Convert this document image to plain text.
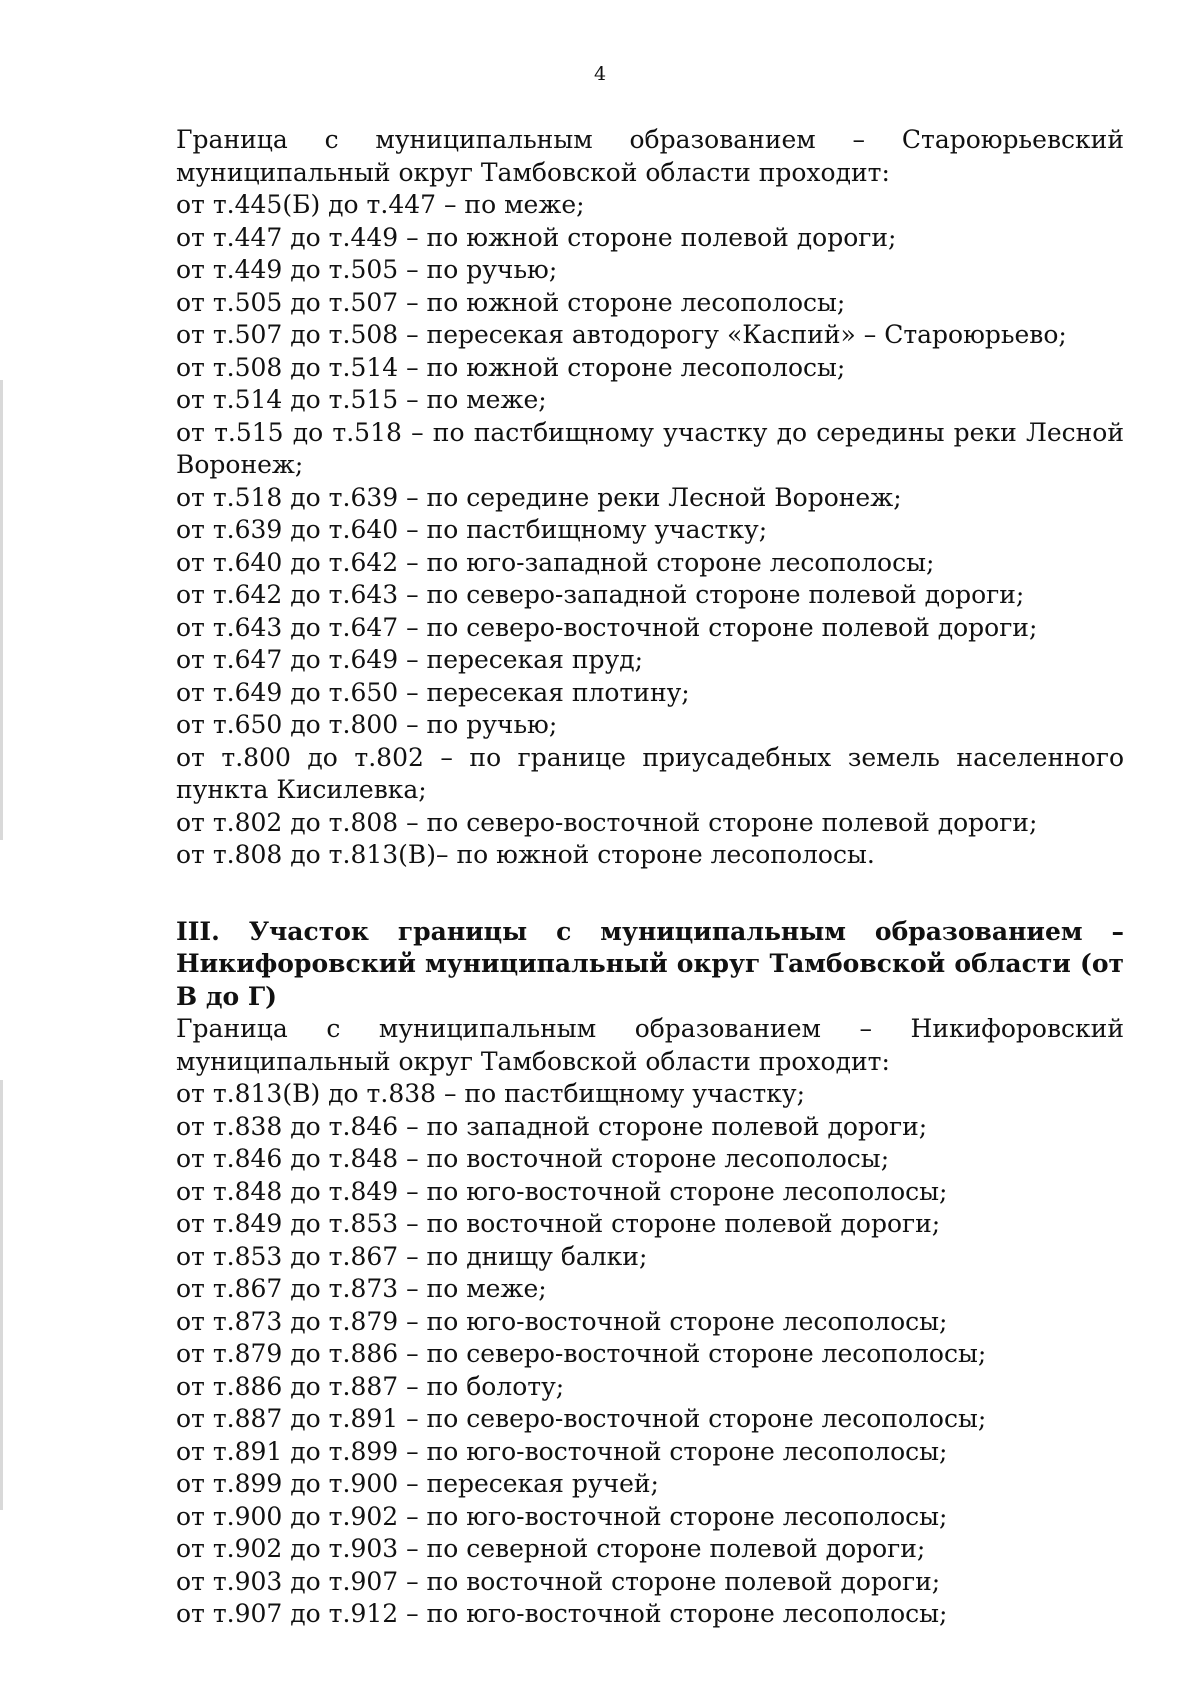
4

Граница с муниципальным образованием – Староюрьевский муниципальный округ Тамбовской области проходит:

от т.445(Б) до т.447 – по меже;

от т.447 до т.449 – по южной стороне полевой дороги;

от т.449 до т.505 – по ручью;

от т.505 до т.507 – по южной стороне лесополосы;

от т.507 до т.508 – пересекая автодорогу «Каспий» – Староюрьево;

от т.508 до т.514 – по южной стороне лесополосы;

от т.514 до т.515 – по меже;

от т.515 до т.518 – по пастбищному участку до середины реки Лесной Воронеж;

от т.518 до т.639 – по середине реки Лесной Воронеж;

от т.639 до т.640 – по пастбищному участку;

от т.640 до т.642 – по юго-западной стороне лесополосы;

от т.642 до т.643 – по северо-западной стороне полевой дороги;

от т.643 до т.647 – по северо-восточной стороне полевой дороги;

от т.647 до т.649 – пересекая пруд;

от т.649 до т.650 – пересекая плотину;

от т.650 до т.800 – по ручью;

от т.800 до т.802 – по границе приусадебных земель населенного пункта Кисилевка;

от т.802 до т.808 – по северо-восточной стороне полевой дороги;

от т.808 до т.813(В)– по южной стороне лесополосы.

III. Участок границы с муниципальным образованием – Никифоровский муниципальный округ Тамбовской области (от В до Г)

Граница с муниципальным образованием – Никифоровский муниципальный округ Тамбовской области проходит:

от т.813(В) до т.838 – по пастбищному участку;

от т.838 до т.846 – по западной стороне полевой дороги;

от т.846 до т.848 – по восточной стороне лесополосы;

от т.848 до т.849 – по юго-восточной стороне лесополосы;

от т.849 до т.853 – по восточной стороне полевой дороги;

от т.853 до т.867 – по днищу балки;

от т.867 до т.873 – по меже;

от т.873 до т.879 – по юго-восточной стороне лесополосы;

от т.879 до т.886 – по северо-восточной стороне лесополосы;

от т.886 до т.887 – по болоту;

от т.887 до т.891 – по северо-восточной стороне лесополосы;

от т.891 до т.899 – по юго-восточной стороне лесополосы;

от т.899 до т.900 – пересекая ручей;

от т.900 до т.902 – по юго-восточной стороне лесополосы;

от т.902 до т.903 – по северной стороне полевой дороги;

от т.903 до т.907 – по восточной стороне полевой дороги;

от т.907 до т.912 – по юго-восточной стороне лесополосы;
